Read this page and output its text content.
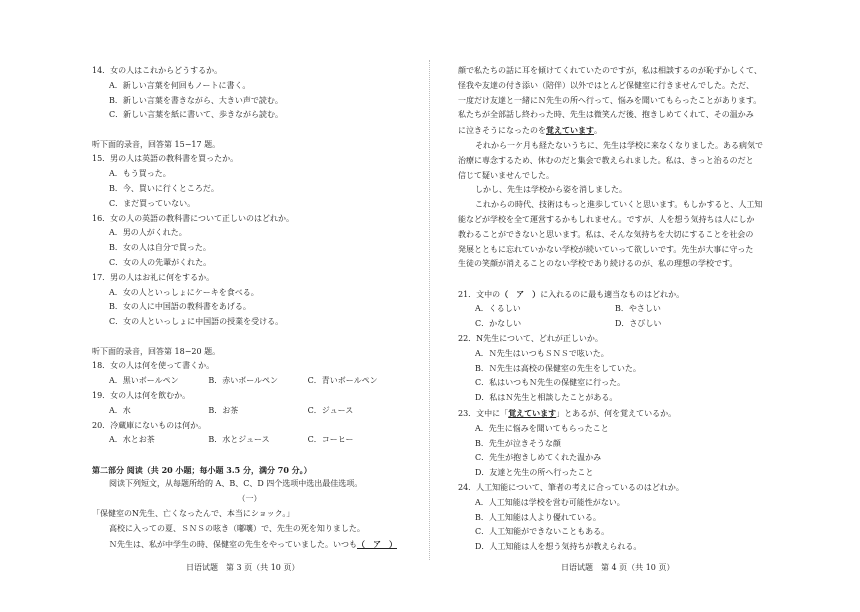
14．女の人はこれからどうするか。
A．新しい言葉を何回もノートに書く。
B．新しい言葉を書きながら、大きい声で読む。
C．新しい言葉を紙に書いて、歩きながら読む。
听下面的录音，回答第 15−17 题。
15．男の人は英語の教科書を買ったか。
A．もう買った。
B．今、買いに行くところだ。
C．まだ買っていない。
16．女の人の英語の教科書について正しいのはどれか。
A．男の人がくれた。
B．女の人は自分で買った。
C．女の人の先輩がくれた。
17．男の人はお礼に何をするか。
A．女の人といっしょにケーキを食べる。
B．女の人に中国語の教科書をあげる。
C．女の人といっしょに中国語の授業を受ける。
听下面的录音，回答第 18−20 题。
18．女の人は何を使って書くか。
A．黒いボールペン	B．赤いボールペン	C．青いボールペン
19．女の人は何を飲むか。
A．水	B．お茶	C．ジュース
20．冷蔵庫にないものは何か。
A．水とお茶	B．水とジュース	C．コーヒー
第二部分 阅读（共 20 小题；每小题 3.5 分，满分 70 分。）
阅读下列短文，从每题所给的 A、B、C、D 四个选项中选出最佳选项。
（一）
「保健室のN先生、亡くなったんで、本当にショック。」
高校に入っての夏、ＳＮＳの呟き（嘟嚷）で、先生の死を知りました。
Ｎ先生は、私が中学生の時、保健室の先生をやっていました。いつも（　ア　）
日语试题　第 3 页（共 10 页）
顔で私たちの話に耳を傾けてくれていたのですが，私は相談するのが恥ずかしくて、
怪我や友達の付き添い（陪伴）以外ではとんど保健室に行きませんでした。ただ、
一度だけ友達と一緒にＮ先生の所へ行って、悩みを聞いてもらったことがあります。
私たちが全部話し終わった時、先生は微笑んだ後、抱きしめてくれて、その温かみ
に泣きそうになったのを覚えています。
それから一ケ月も経たないうちに、先生は学校に来なくなりました。ある病気で
治療に専念するため、休むのだと集会で教えられました。私は、きっと治るのだと
信じて疑いませんでした。
しかし、先生は学校から姿を消しました。
これからの時代、技術はもっと進歩していくと思います。もしかすると、人工知
能などが学校を全て運営するかもしれません。ですが、人を想う気持ちは人にしか
教わることができないと思います。私は、そんな気持ちを大切にすることを社会の
発展とともに忘れていかない学校が続いていって欲しいです。先生が大事に守った
生徒の笑顔が消えることのない学校であり続けるのが、私の理想の学校です。
21．文中の（　ア　）に入れるのに最も適当なものはどれか。
A．くるしい	B．やさしい
C．かなしい	D．さびしい
22．N先生について、どれが正しいか。
A．Ｎ先生はいつもＳＮＳで呟いた。
B．Ｎ先生は高校の保健室の先生をしていた。
C．私はいつもＮ先生の保健室に行った。
D．私はＮ先生と相談したことがある。
23．文中に「覚えています」とあるが、何を覚えているか。
A．先生に悩みを聞いてもらったこと
B．先生が泣きそうな顔
C．先生が抱きしめてくれた温かみ
D．友達と先生の所へ行ったこと
24．人工知能について、筆者の考えに合っているのはどれか。
A．人工知能は学校を営む可能性がない。
B．人工知能は人より優れている。
C．人工知能ができないこともある。
D．人工知能は人を想う気持ちが教えられる。
日语试题　第 4 页（共 10 页）
